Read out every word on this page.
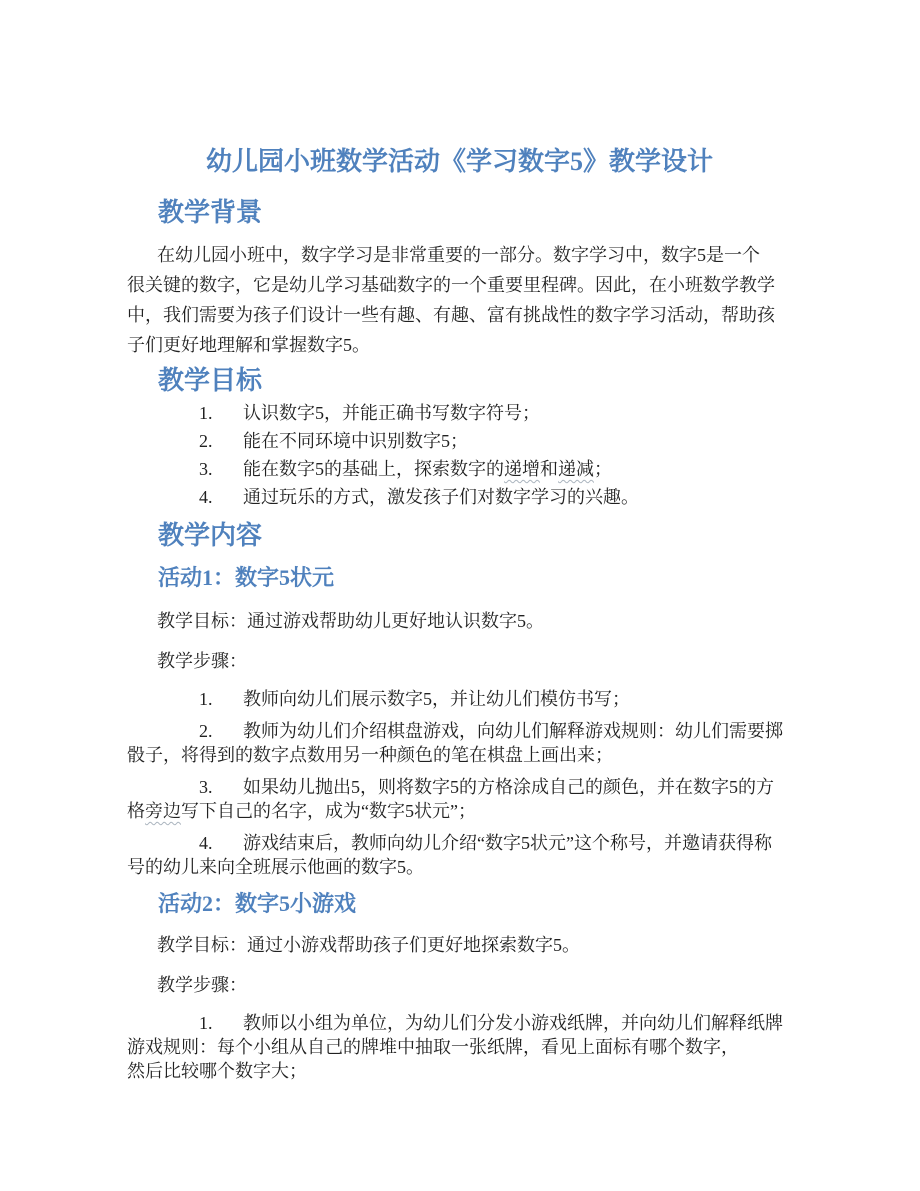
幼儿园小班数学活动《学习数字5》教学设计
教学背景
在幼儿园小班中，数字学习是非常重要的一部分。数字学习中，数字5是一个
很关键的数字，它是幼儿学习基础数字的一个重要里程碑。因此，在小班数学教学
中，我们需要为孩子们设计一些有趣、有趣、富有挑战性的数字学习活动，帮助孩
子们更好地理解和掌握数字5。
教学目标
1. 认识数字5，并能正确书写数字符号；
2. 能在不同环境中识别数字5；
3. 能在数字5的基础上，探索数字的递增和递减；
4. 通过玩乐的方式，激发孩子们对数字学习的兴趣。
教学内容
活动1：数字5状元
教学目标：通过游戏帮助幼儿更好地认识数字5。
教学步骤：
1. 教师向幼儿们展示数字5，并让幼儿们模仿书写；
2. 教师为幼儿们介绍棋盘游戏，向幼儿们解释游戏规则：幼儿们需要掷
骰子，将得到的数字点数用另一种颜色的笔在棋盘上画出来；
3. 如果幼儿抛出5，则将数字5的方格涂成自己的颜色，并在数字5的方
格旁边写下自己的名字，成为“数字5状元”；
4. 游戏结束后，教师向幼儿介绍“数字5状元”这个称号，并邀请获得称
号的幼儿来向全班展示他画的数字5。
活动2：数字5小游戏
教学目标：通过小游戏帮助孩子们更好地探索数字5。
教学步骤：
1. 教师以小组为单位，为幼儿们分发小游戏纸牌，并向幼儿们解释纸牌
游戏规则：每个小组从自己的牌堆中抽取一张纸牌，看见上面标有哪个数字，
然后比较哪个数字大；
